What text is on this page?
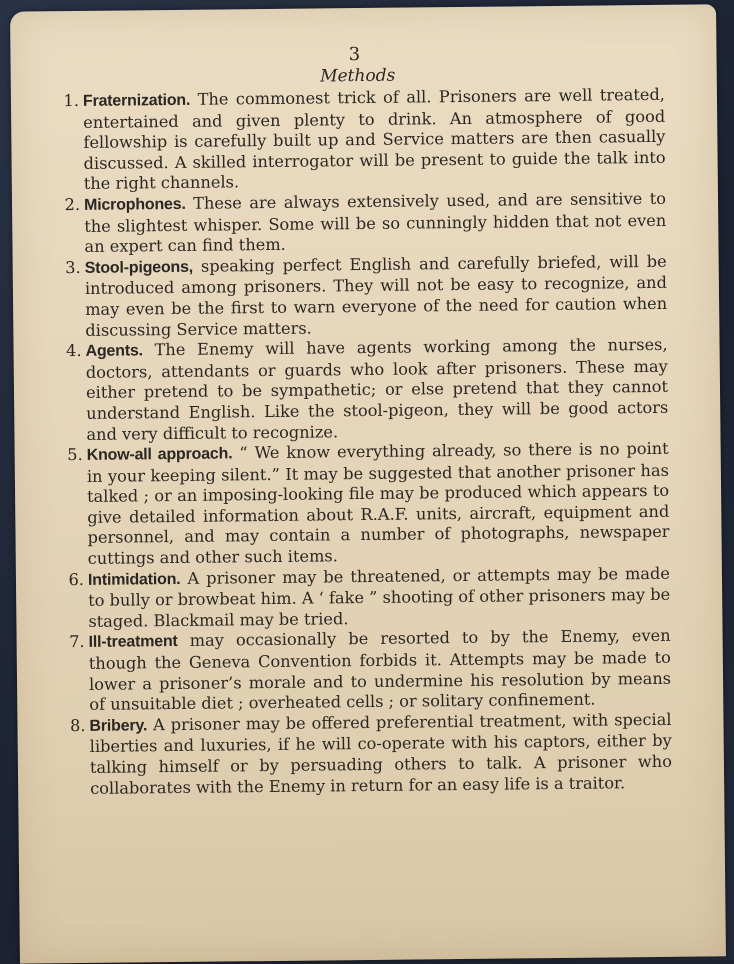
3
Methods
1. Fraternization. The commonest trick of all. Prisoners are well treated, entertained and given plenty to drink. An atmosphere of good fellowship is carefully built up and Service matters are then casually discussed. A skilled interrogator will be present to guide the talk into the right channels.
2. Microphones. These are always extensively used, and are sensitive to the slightest whisper. Some will be so cunningly hidden that not even an expert can find them.
3. Stool-pigeons, speaking perfect English and carefully briefed, will be introduced among prisoners. They will not be easy to recognize, and may even be the first to warn everyone of the need for caution when discussing Service matters.
4. Agents. The Enemy will have agents working among the nurses, doctors, attendants or guards who look after prisoners. These may either pretend to be sympathetic; or else pretend that they cannot understand English. Like the stool-pigeon, they will be good actors and very difficult to recognize.
5. Know-all approach. “ We know everything already, so there is no point in your keeping silent.” It may be suggested that another prisoner has talked ; or an imposing-looking file may be produced which appears to give detailed information about R.A.F. units, aircraft, equipment and personnel, and may contain a number of photographs, newspaper cuttings and other such items.
6. Intimidation. A prisoner may be threatened, or attempts may be made to bully or browbeat him. A ‘ fake ” shooting of other prisoners may be staged. Blackmail may be tried.
7. Ill-treatment may occasionally be resorted to by the Enemy, even though the Geneva Convention forbids it. Attempts may be made to lower a prisoner’s morale and to undermine his resolution by means of unsuitable diet ; overheated cells ; or solitary confinement.
8. Bribery. A prisoner may be offered preferential treatment, with special liberties and luxuries, if he will co-operate with his captors, either by talking himself or by persuading others to talk. A prisoner who collaborates with the Enemy in return for an easy life is a traitor.
